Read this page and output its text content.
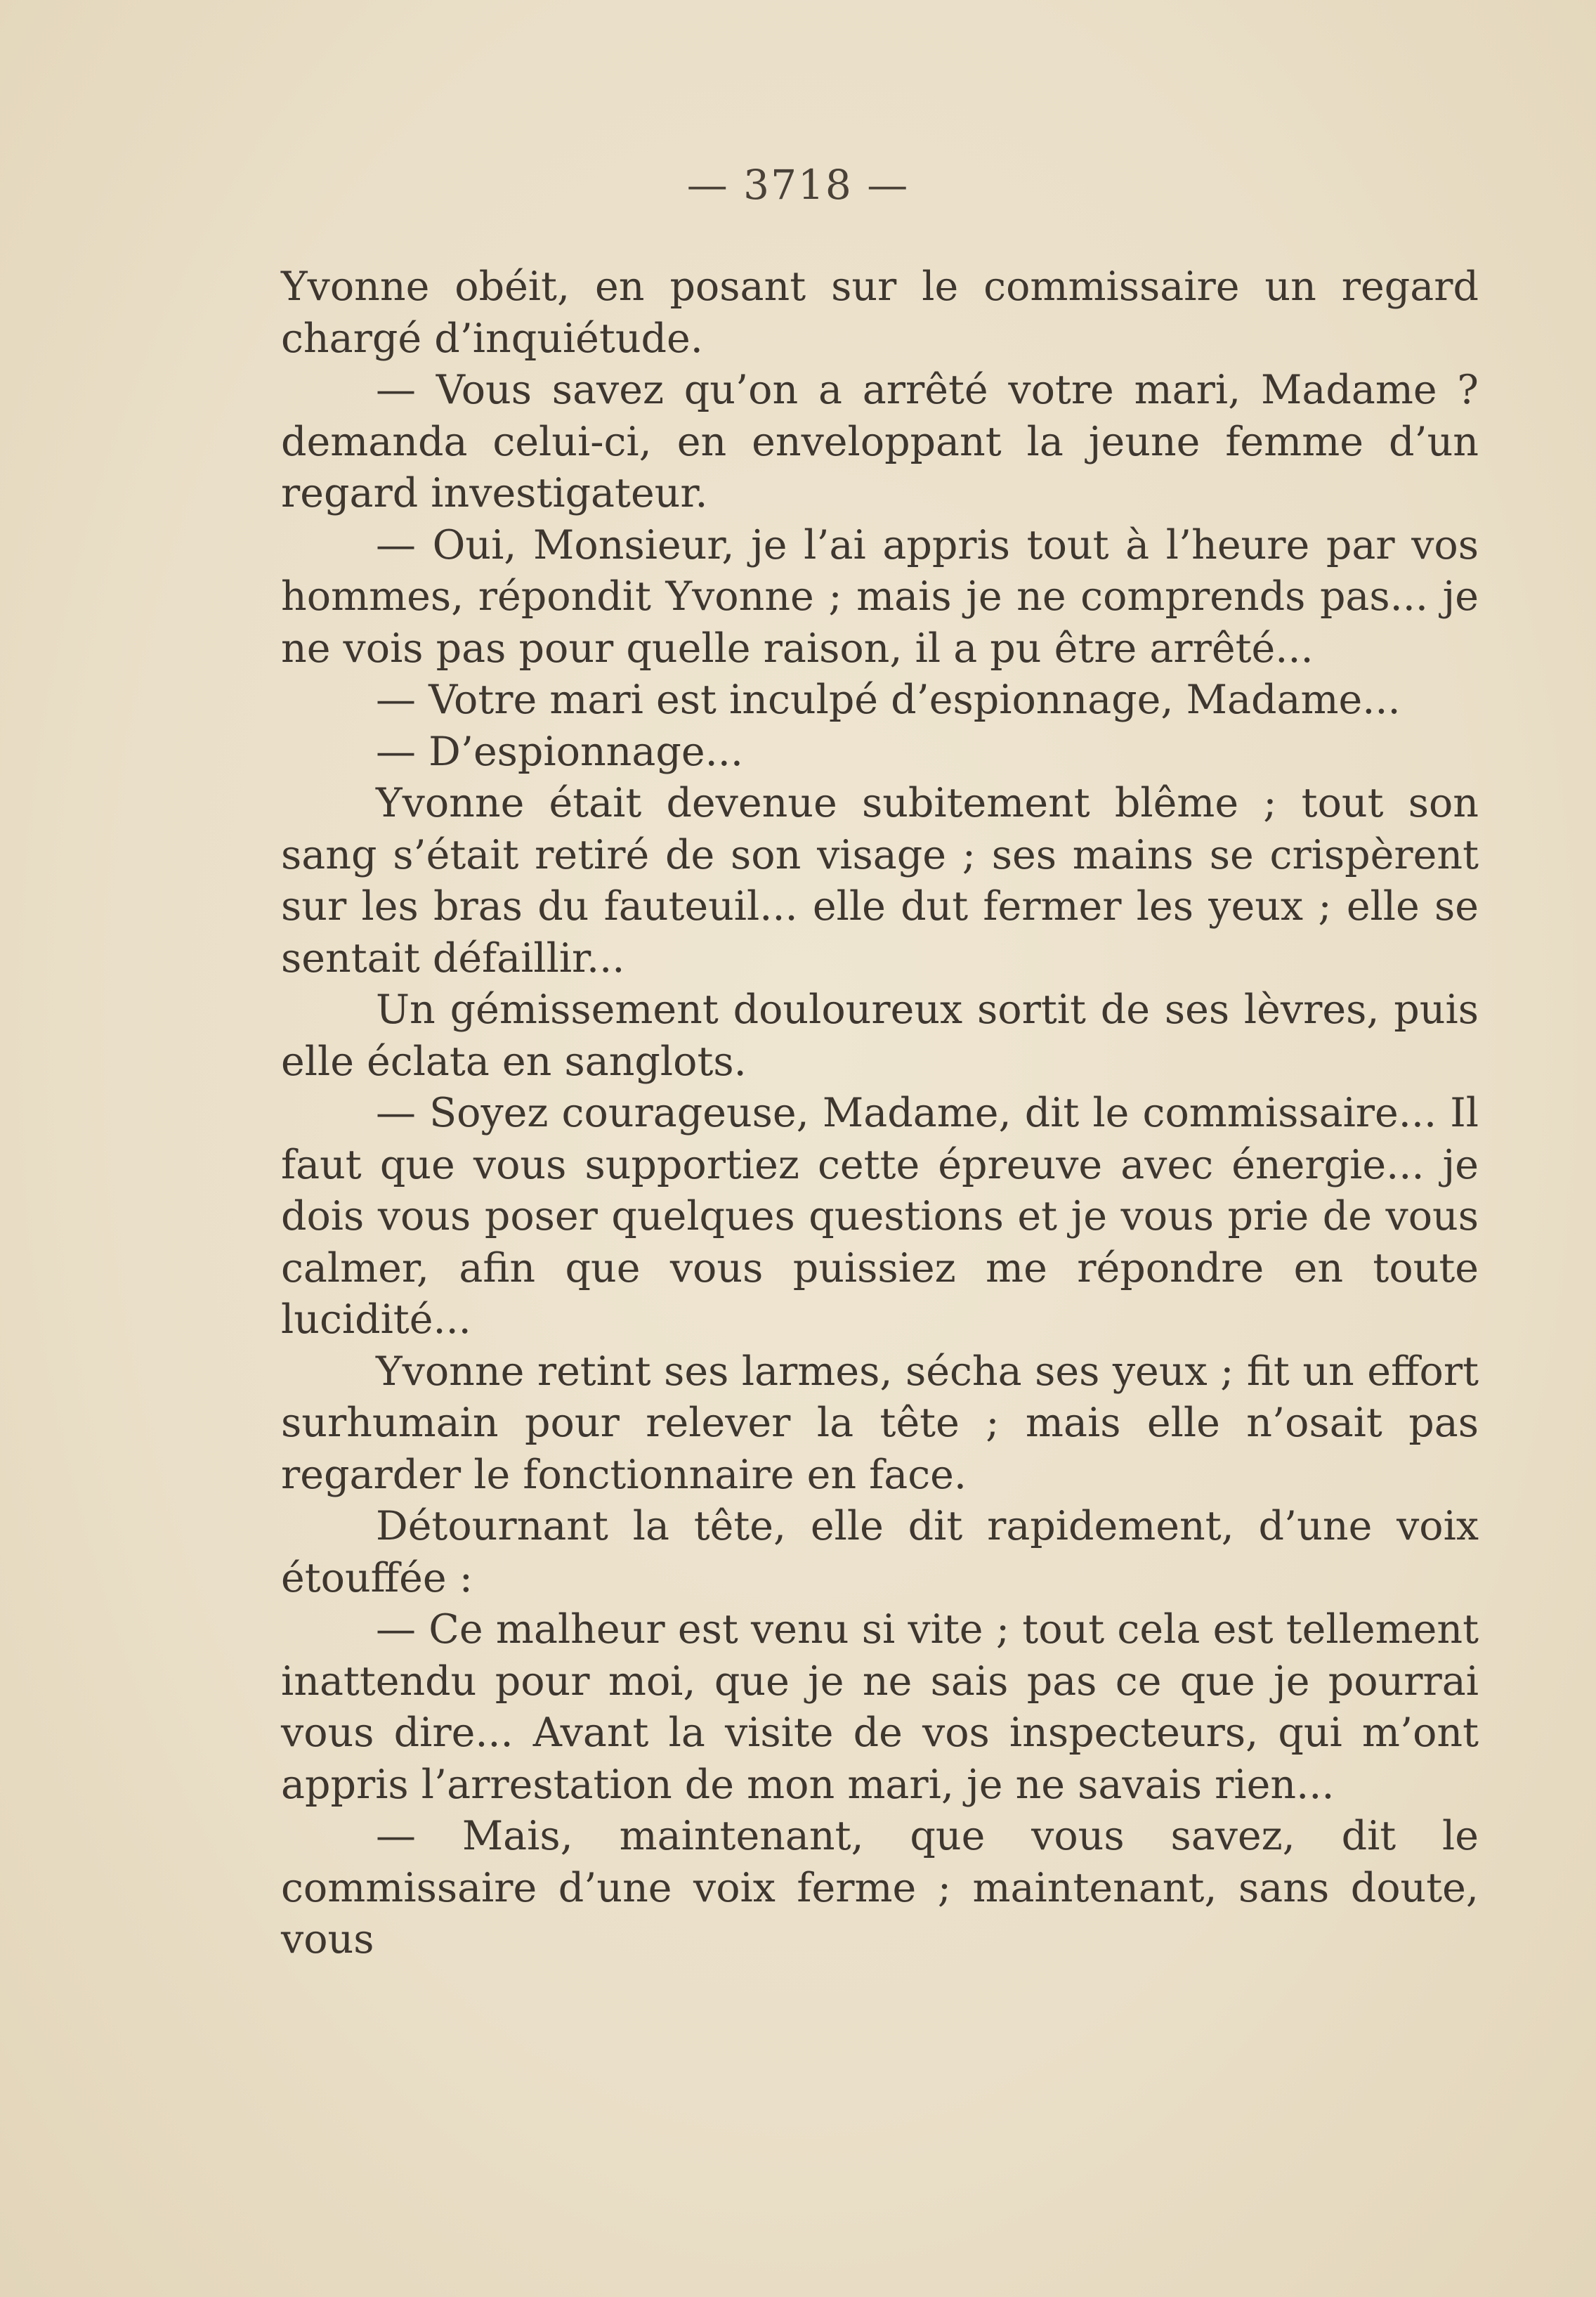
— 3718 —

Yvonne obéit, en posant sur le commissaire un regard chargé d’inquiétude.

— Vous savez qu’on a arrêté votre mari, Madame ? demanda celui-ci, en enveloppant la jeune femme d’un regard investigateur.

— Oui, Monsieur, je l’ai appris tout à l’heure par vos hommes, répondit Yvonne ; mais je ne comprends pas... je ne vois pas pour quelle raison, il a pu être arrêté...

— Votre mari est inculpé d’espionnage, Madame...

— D’espionnage...

Yvonne était devenue subitement blême ; tout son sang s’était retiré de son visage ; ses mains se crispèrent sur les bras du fauteuil... elle dut fermer les yeux ; elle se sentait défaillir...

Un gémissement douloureux sortit de ses lèvres, puis elle éclata en sanglots.

— Soyez courageuse, Madame, dit le commissaire... Il faut que vous supportiez cette épreuve avec énergie... je dois vous poser quelques questions et je vous prie de vous calmer, afin que vous puissiez me répondre en toute lucidité...

Yvonne retint ses larmes, sécha ses yeux ; fit un effort surhumain pour relever la tête ; mais elle n’osait pas regarder le fonctionnaire en face.

Détournant la tête, elle dit rapidement, d’une voix étouffée :

— Ce malheur est venu si vite ; tout cela est tellement inattendu pour moi, que je ne sais pas ce que je pourrai vous dire... Avant la visite de vos inspecteurs, qui m’ont appris l’arrestation de mon mari, je ne savais rien...

— Mais, maintenant, que vous savez, dit le commissaire d’une voix ferme ; maintenant, sans doute, vous
